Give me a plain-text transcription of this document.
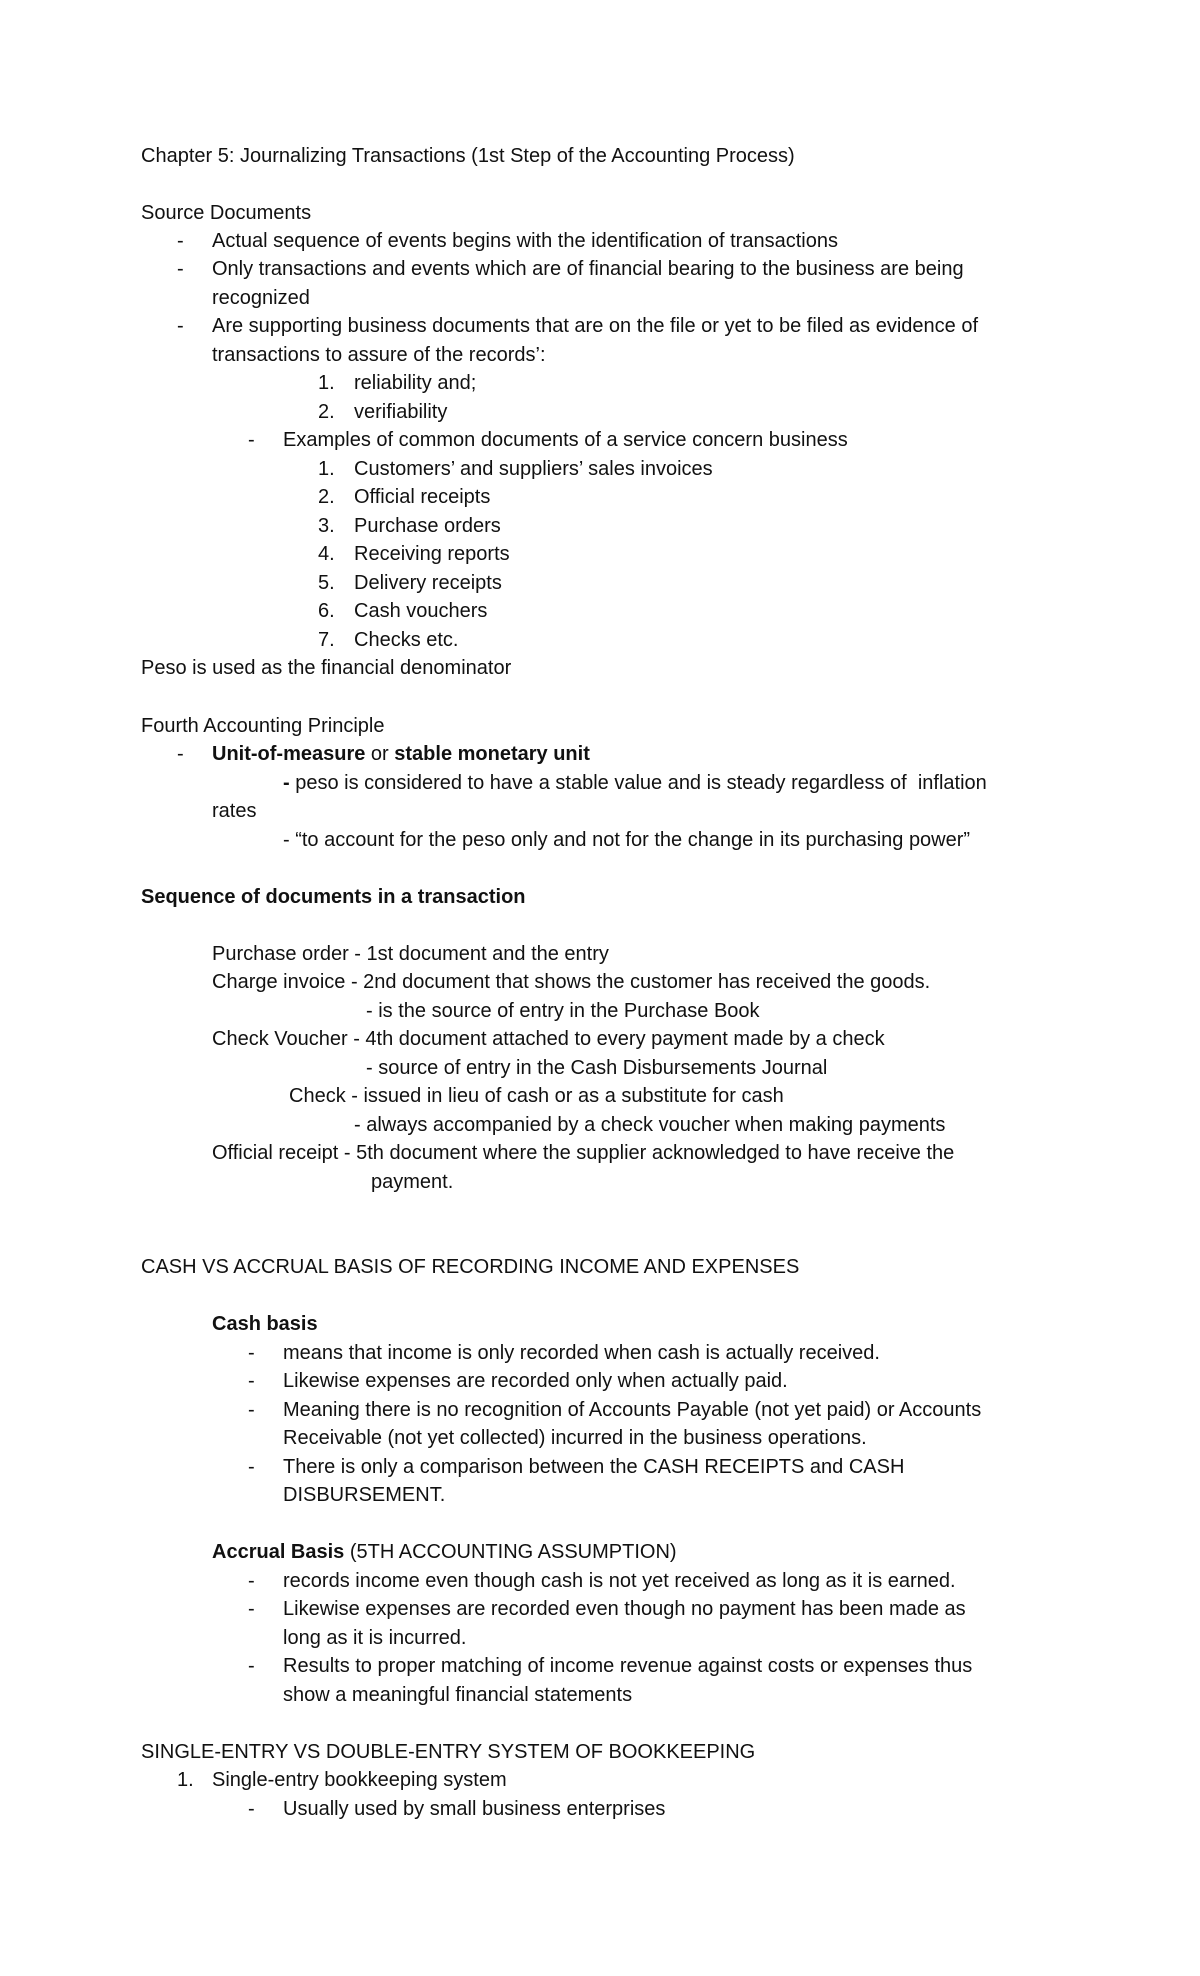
Chapter 5: Journalizing Transactions (1st Step of the Accounting Process)
Source Documents
- Actual sequence of events begins with the identification of transactions
- Only transactions and events which are of financial bearing to the business are being
recognized
- Are supporting business documents that are on the file or yet to be filed as evidence of
transactions to assure of the records’:
1. reliability and;
2. verifiability
- Examples of common documents of a service concern business
1. Customers’ and suppliers’ sales invoices
2. Official receipts
3. Purchase orders
4. Receiving reports
5. Delivery receipts
6. Cash vouchers
7. Checks etc.
Peso is used as the financial denominator
Fourth Accounting Principle
- Unit-of-measure or stable monetary unit
- peso is considered to have a stable value and is steady regardless of  inflation
rates
- “to account for the peso only and not for the change in its purchasing power”
Sequence of documents in a transaction
Purchase order - 1st document and the entry
Charge invoice - 2nd document that shows the customer has received the goods.
- is the source of entry in the Purchase Book
Check Voucher - 4th document attached to every payment made by a check
- source of entry in the Cash Disbursements Journal
Check - issued in lieu of cash or as a substitute for cash
- always accompanied by a check voucher when making payments
Official receipt - 5th document where the supplier acknowledged to have receive the
payment.
CASH VS ACCRUAL BASIS OF RECORDING INCOME AND EXPENSES
Cash basis
- means that income is only recorded when cash is actually received.
- Likewise expenses are recorded only when actually paid.
- Meaning there is no recognition of Accounts Payable (not yet paid) or Accounts
Receivable (not yet collected) incurred in the business operations.
- There is only a comparison between the CASH RECEIPTS and CASH
DISBURSEMENT.
Accrual Basis (5TH ACCOUNTING ASSUMPTION)
- records income even though cash is not yet received as long as it is earned.
- Likewise expenses are recorded even though no payment has been made as
long as it is incurred.
- Results to proper matching of income revenue against costs or expenses thus
show a meaningful financial statements
SINGLE-ENTRY VS DOUBLE-ENTRY SYSTEM OF BOOKKEEPING
1. Single-entry bookkeeping system
- Usually used by small business enterprises
